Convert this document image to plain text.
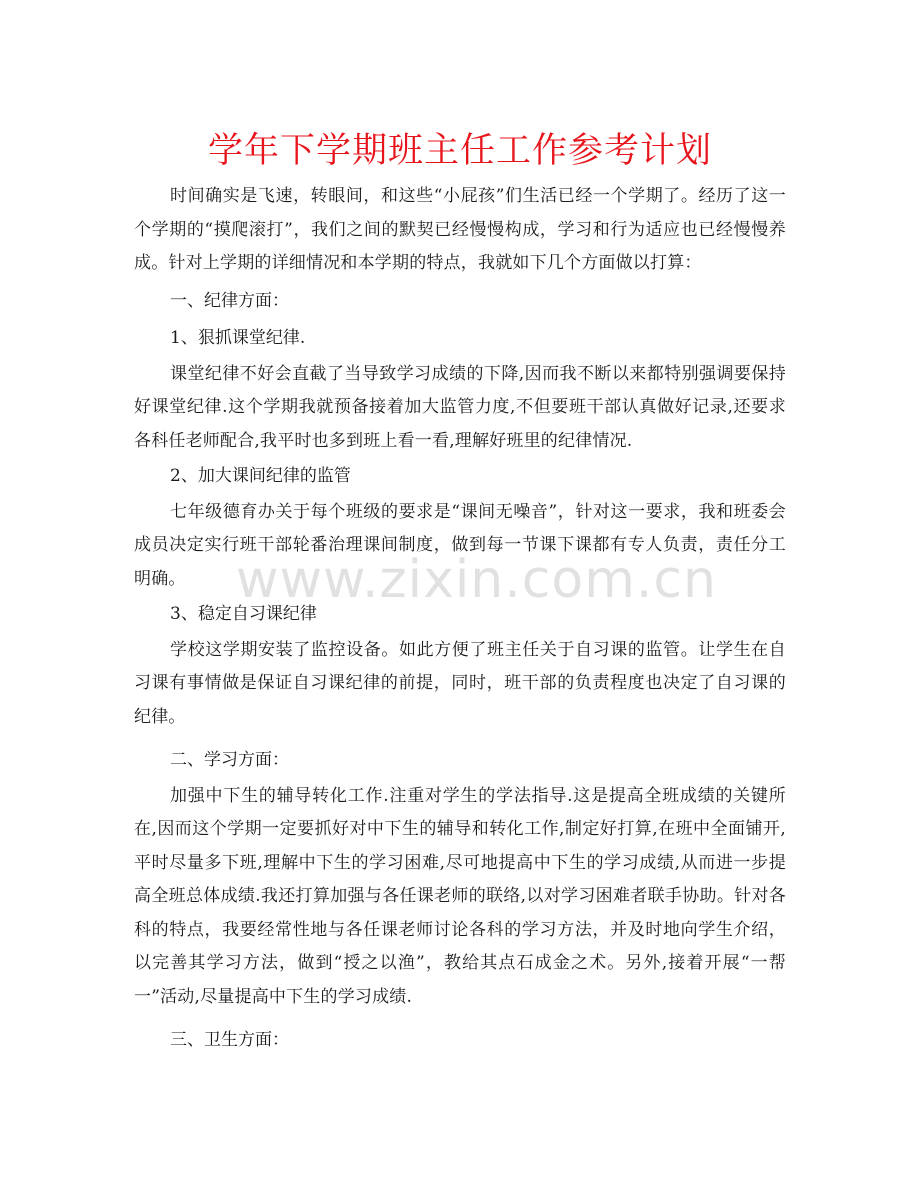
学年下学期班主任工作参考计划

时间确实是飞速，转眼间，和这些“小屁孩”们生活已经一个学期了。经历了这一个学期的“摸爬滚打”，我们之间的默契已经慢慢构成，学习和行为适应也已经慢慢养成。针对上学期的详细情况和本学期的特点，我就如下几个方面做以打算：

一、纪律方面：

1、狠抓课堂纪律.

课堂纪律不好会直截了当导致学习成绩的下降,因而我不断以来都特别强调要保持好课堂纪律.这个学期我就预备接着加大监管力度,不但要班干部认真做好记录,还要求各科任老师配合,我平时也多到班上看一看,理解好班里的纪律情况.

2、加大课间纪律的监管

七年级德育办关于每个班级的要求是“课间无噪音”，针对这一要求，我和班委会成员决定实行班干部轮番治理课间制度，做到每一节课下课都有专人负责，责任分工明确。

3、稳定自习课纪律

学校这学期安装了监控设备。如此方便了班主任关于自习课的监管。让学生在自习课有事情做是保证自习课纪律的前提，同时，班干部的负责程度也决定了自习课的纪律。

二、学习方面：

加强中下生的辅导转化工作.注重对学生的学法指导.这是提高全班成绩的关键所在,因而这个学期一定要抓好对中下生的辅导和转化工作,制定好打算,在班中全面铺开,平时尽量多下班,理解中下生的学习困难,尽可地提高中下生的学习成绩,从而进一步提高全班总体成绩.我还打算加强与各任课老师的联络,以对学习困难者联手协助。针对各科的特点，我要经常性地与各任课老师讨论各科的学习方法，并及时地向学生介绍，以完善其学习方法，做到“授之以渔”，教给其点石成金之术。另外,接着开展“一帮一”活动,尽量提高中下生的学习成绩.

三、卫生方面：

www.zixin.com.cn
